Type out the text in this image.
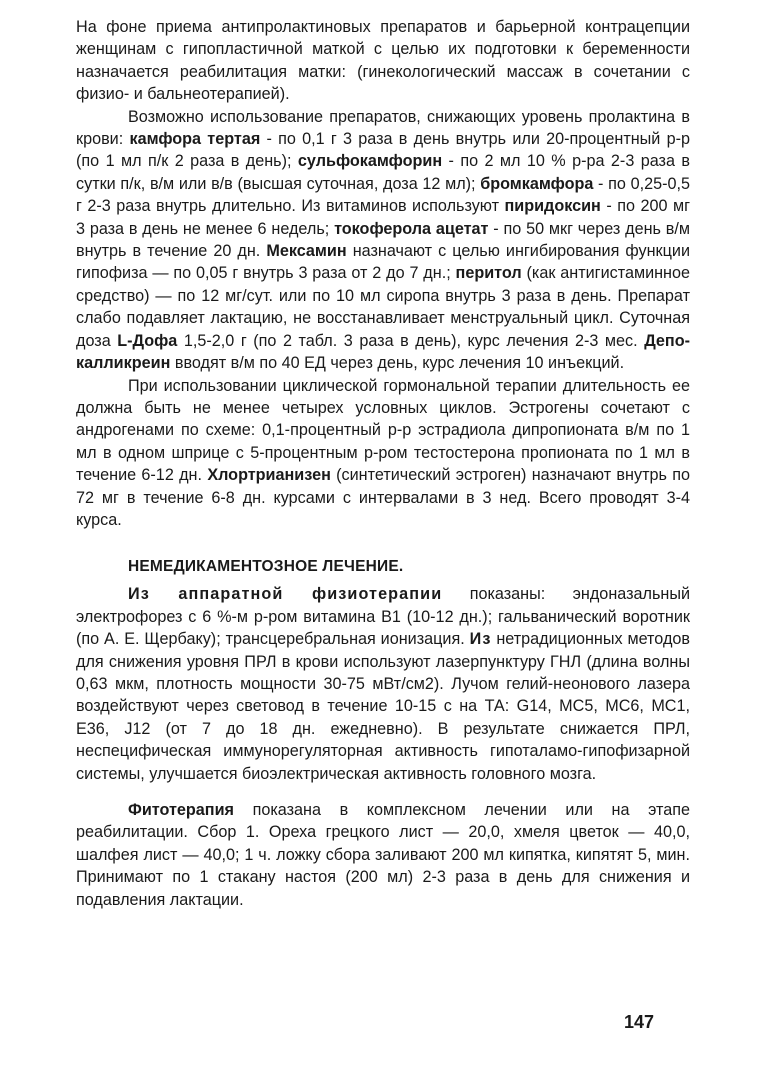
На фоне приема антипролактиновых препаратов и барьерной контрацепции женщинам с гипопластичной маткой с целью их подготовки к беременности назначается реабилитация матки: (гинекологический массаж в сочетании с физио- и бальнеотерапией).

Возможно использование препаратов, снижающих уровень пролактина в крови: камфора тертая - по 0,1 г 3 раза в день внутрь или 20-процентный р-р (по 1 мл п/к 2 раза в день); сульфокамфорин - по 2 мл 10 % р-ра 2-3 раза в сутки п/к, в/м или в/в (высшая суточная, доза 12 мл); бромкамфора - по 0,25-0,5 г 2-3 раза внутрь длительно. Из витаминов используют пиридоксин - по 200 мг 3 раза в день не менее 6 недель; токоферола ацетат - по 50 мкг через день в/м внутрь в течение 20 дн. Мексамин назначают с целью ингибирования функции гипофиза — по 0,05 г внутрь 3 раза от 2 до 7 дн.; перитол (как антигистаминное средство) — по 12 мг/сут. или по 10 мл сиропа внутрь 3 раза в день. Препарат слабо подавляет лактацию, не восстанавливает менструальный цикл. Суточная доза L-Дофа 1,5-2,0 г (по 2 табл. 3 раза в день), курс лечения 2-3 мес. Депо-калликреин вводят в/м по 40 ЕД через день, курс лечения 10 инъекций.

При использовании циклической гормональной терапии длительность ее должна быть не менее четырех условных циклов. Эстрогены сочетают с андрогенами по схеме: 0,1-процентный р-р эстрадиола дипропионата в/м по 1 мл в одном шприце с 5-процентным р-ром тестостерона пропионата по 1 мл в течение 6-12 дн. Хлортрианизен (синтетический эстроген) назначают внутрь по 72 мг в течение 6-8 дн. курсами с интервалами в 3 нед. Всего проводят 3-4 курса.

НЕМЕДИКАМЕНТОЗНОЕ ЛЕЧЕНИЕ.

Из аппаратной физиотерапии показаны: эндоназальный электрофорез с 6 %-м р-ром витамина В1 (10-12 дн.); гальванический воротник (по А. Е. Щербаку); трансцеребральная ионизация. Из нетрадиционных методов для снижения уровня ПРЛ в крови используют лазерпунктуру ГНЛ (длина волны 0,63 мкм, плотность мощности 30-75 мВт/см2). Лучом гелий-неонового лазера воздействуют через световод в течение 10-15 с на ТА: G14, МС5, МС6, МС1, E36, J12 (от 7 до 18 дн. ежедневно). В результате снижается ПРЛ, неспецифическая иммунорегуляторная активность гипоталамо-гипофизарной системы, улучшается биоэлектрическая активность головного мозга.

Фитотерапия показана в комплексном лечении или на этапе реабилитации. Сбор 1. Ореха грецкого лист — 20,0, хмеля цветок — 40,0, шалфея лист — 40,0; 1 ч. ложку сбора заливают 200 мл кипятка, кипятят 5, мин. Принимают по 1 стакану настоя (200 мл) 2-3 раза в день для снижения и подавления лактации.

147
